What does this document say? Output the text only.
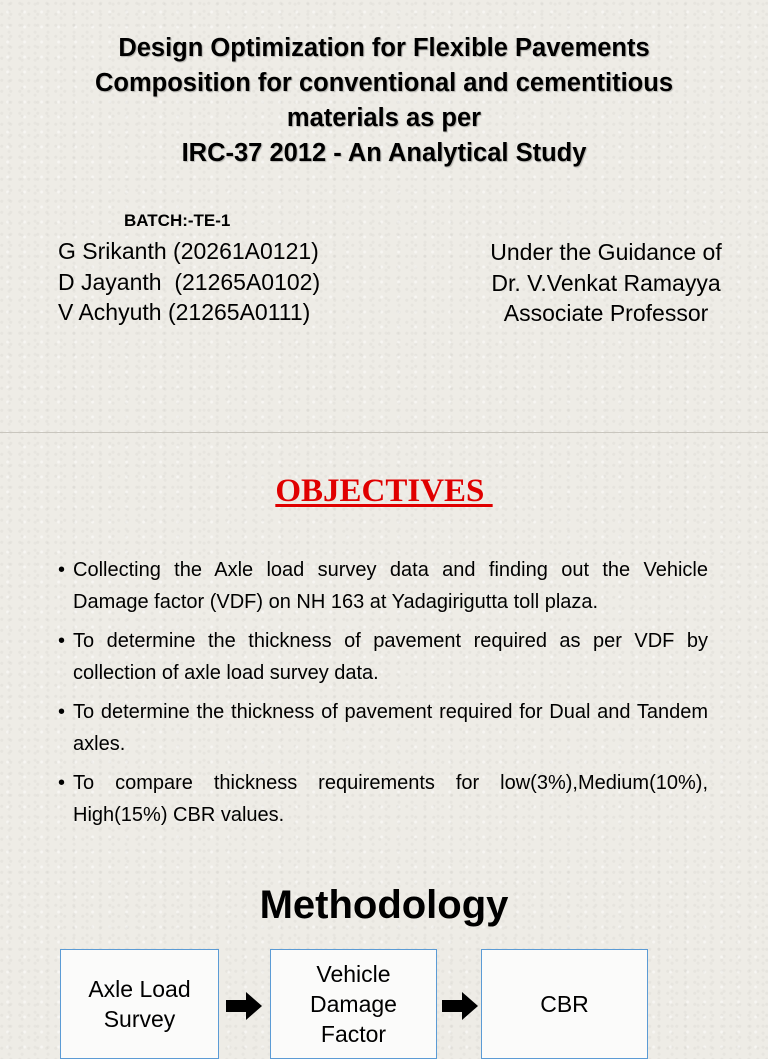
Design Optimization for Flexible Pavements
Composition for conventional and cementitious
materials as per
IRC-37 2012 - An Analytical Study
BATCH:-TE-1
G Srikanth (20261A0121)
D Jayanth  (21265A0102)
V Achyuth (21265A0111)
Under the Guidance of
Dr. V.Venkat Ramayya
Associate Professor
OBJECTIVES
• Collecting the Axle load survey data and finding out the Vehicle Damage factor (VDF) on NH 163 at Yadagirigutta toll plaza.
• To determine the thickness of pavement required as per VDF by collection of axle load survey data.
• To determine the thickness of pavement required for Dual and Tandem axles.
• To compare thickness requirements for low(3%),Medium(10%), High(15%) CBR values.
Methodology
Axle Load
Survey
Vehicle
Damage
Factor
CBR
